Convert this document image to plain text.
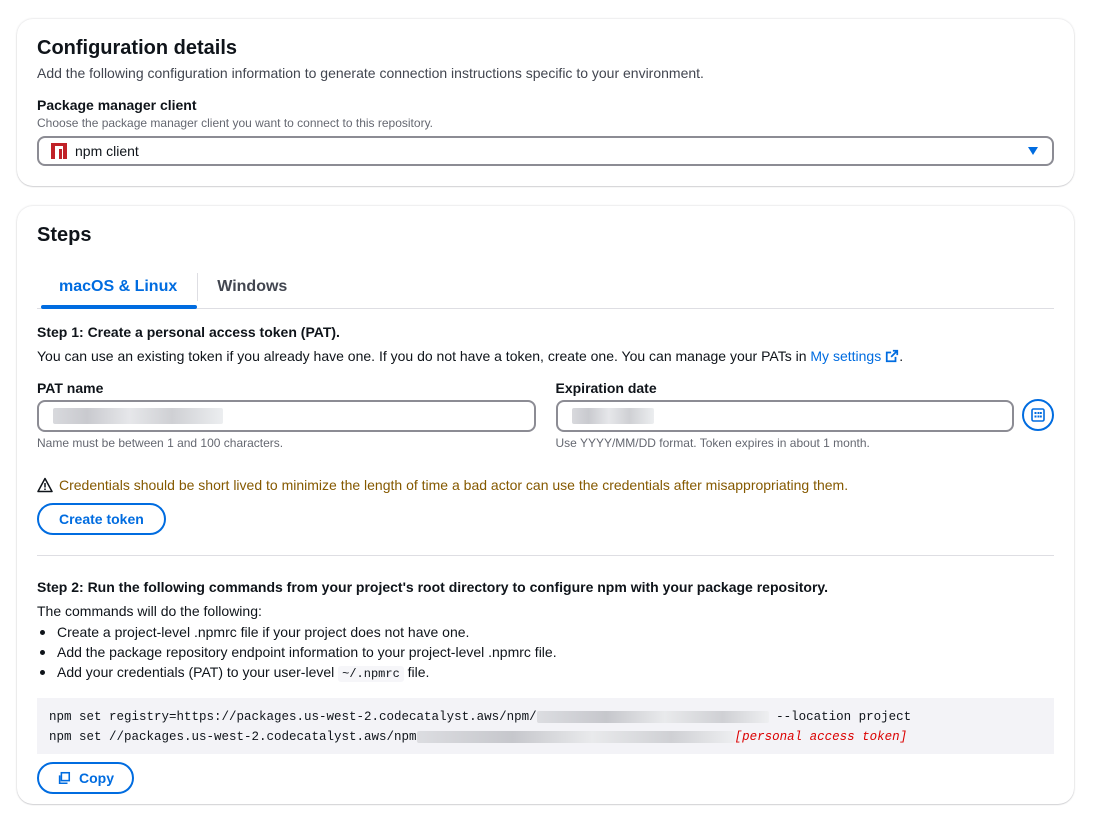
Configuration details
Add the following configuration information to generate connection instructions specific to your environment.
Package manager client
Choose the package manager client you want to connect to this repository.
npm client
Steps
macOS & Linux	Windows
Step 1: Create a personal access token (PAT).
You can use an existing token if you already have one. If you do not have a token, create one. You can manage your PATs in My settings .
PAT name
Name must be between 1 and 100 characters.
Expiration date
Use YYYY/MM/DD format. Token expires in about 1 month.
Credentials should be short lived to minimize the length of time a bad actor can use the credentials after misappropriating them.
Create token
Step 2: Run the following commands from your project's root directory to configure npm with your package repository.
The commands will do the following:
Create a project-level .npmrc file if your project does not have one.
Add the package repository endpoint information to your project-level .npmrc file.
Add your credentials (PAT) to your user-level ~/.npmrc file.
npm set registry=https://packages.us-west-2.codecatalyst.aws/npm/	--location project
npm set //packages.us-west-2.codecatalyst.aws/npm	[personal access token]
Copy
